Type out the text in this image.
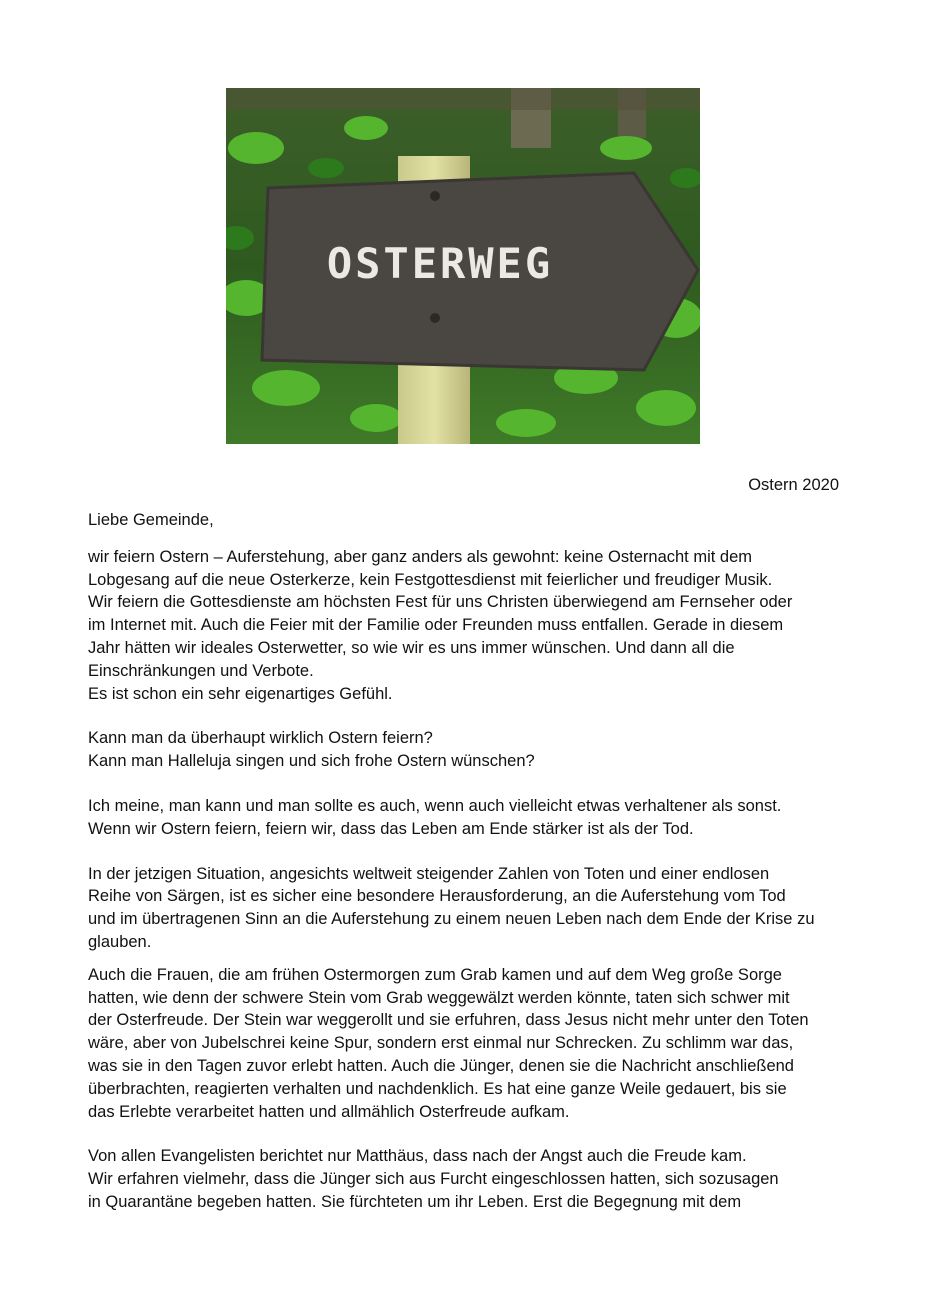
OSTERWEG
Ostern 2020

Liebe Gemeinde,

wir feiern Ostern – Auferstehung, aber ganz anders als gewohnt: keine Osternacht mit dem
Lobgesang auf die neue Osterkerze, kein Festgottesdienst mit feierlicher und freudiger Musik.
Wir feiern die Gottesdienste am höchsten Fest für uns Christen überwiegend am Fernseher oder
im Internet mit. Auch die Feier mit der Familie oder Freunden muss entfallen. Gerade in diesem
Jahr hätten wir ideales Osterwetter, so wie wir es uns immer wünschen. Und dann all die
Einschränkungen und Verbote.
Es ist schon ein sehr eigenartiges Gefühl.

Kann man da überhaupt wirklich Ostern feiern?
Kann man Halleluja singen und sich frohe Ostern wünschen?

Ich meine, man kann und man sollte es auch, wenn auch vielleicht etwas verhaltener als sonst.
Wenn wir Ostern feiern, feiern wir, dass das Leben am Ende stärker ist als der Tod.

In der jetzigen Situation, angesichts weltweit steigender Zahlen von Toten und einer endlosen
Reihe von Särgen, ist es sicher eine besondere Herausforderung, an die Auferstehung vom Tod
und im übertragenen Sinn an die Auferstehung zu einem neuen Leben nach dem Ende der Krise zu
glauben.

Auch die Frauen, die am frühen Ostermorgen zum Grab kamen und auf dem Weg große Sorge
hatten, wie denn der schwere Stein vom Grab weggewälzt werden könnte, taten sich schwer mit
der Osterfreude. Der Stein war weggerollt und sie erfuhren, dass Jesus nicht mehr unter den Toten
wäre, aber von Jubelschrei keine Spur, sondern erst einmal nur Schrecken. Zu schlimm war das,
was sie in den Tagen zuvor erlebt hatten. Auch die Jünger, denen sie die Nachricht anschließend
überbrachten, reagierten verhalten und nachdenklich. Es hat eine ganze Weile gedauert, bis sie
das Erlebte verarbeitet hatten und allmählich Osterfreude aufkam.

Von allen Evangelisten berichtet nur Matthäus, dass nach der Angst auch die Freude kam.
Wir erfahren vielmehr, dass die Jünger sich aus Furcht eingeschlossen hatten, sich sozusagen
in Quarantäne begeben hatten. Sie fürchteten um ihr Leben. Erst die Begegnung mit dem
